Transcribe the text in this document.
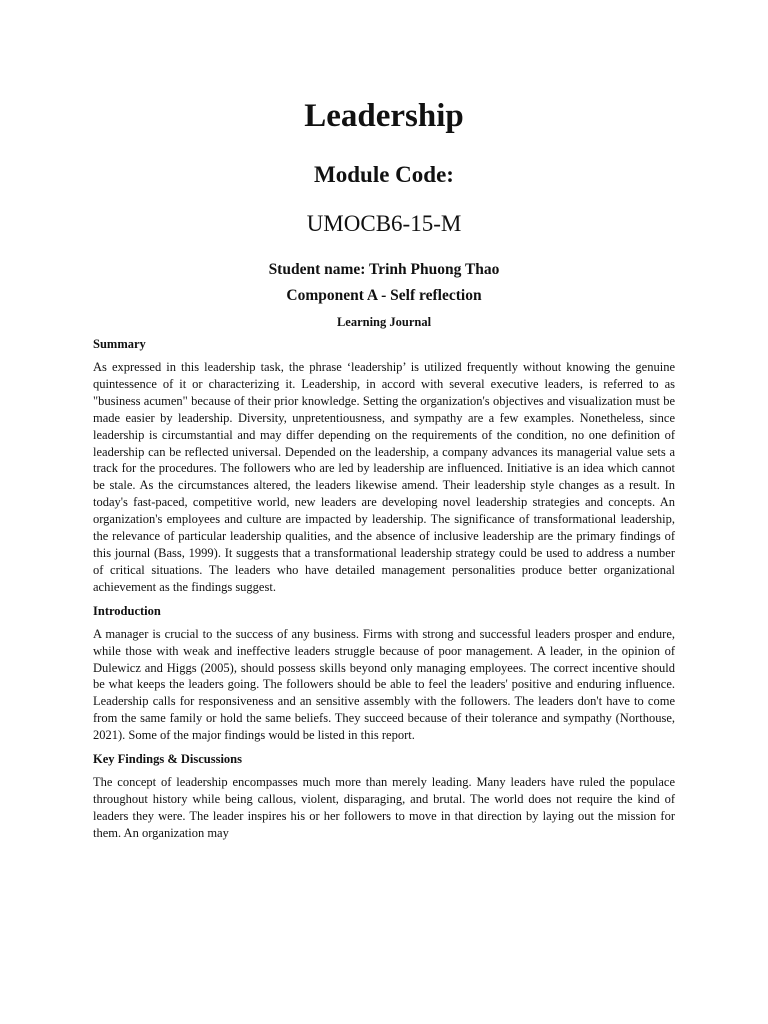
Leadership
Module Code:
UMOCB6-15-M
Student name: Trinh Phuong Thao
Component A - Self reflection
Learning Journal
Summary

As expressed in this leadership task, the phrase ‘leadership’ is utilized frequently without knowing the genuine quintessence of it or characterizing it. Leadership, in accord with several executive leaders, is referred to as "business acumen" because of their prior knowledge. Setting the organization's objectives and visualization must be made easier by leadership. Diversity, unpretentiousness, and sympathy are a few examples. Nonetheless, since leadership is circumstantial and may differ depending on the requirements of the condition, no one definition of leadership can be reflected universal. Depended on the leadership, a company advances its managerial value sets a track for the procedures. The followers who are led by leadership are influenced. Initiative is an idea which cannot be stale. As the circumstances altered, the leaders likewise amend. Their leadership style changes as a result. In today's fast-paced, competitive world, new leaders are developing novel leadership strategies and concepts. An organization's employees and culture are impacted by leadership. The significance of transformational leadership, the relevance of particular leadership qualities, and the absence of inclusive leadership are the primary findings of this journal (Bass, 1999). It suggests that a transformational leadership strategy could be used to address a number of critical situations. The leaders who have detailed management personalities produce better organizational achievement as the findings suggest.

Introduction

A manager is crucial to the success of any business. Firms with strong and successful leaders prosper and endure, while those with weak and ineffective leaders struggle because of poor management. A leader, in the opinion of Dulewicz and Higgs (2005), should possess skills beyond only managing employees. The correct incentive should be what keeps the leaders going. The followers should be able to feel the leaders' positive and enduring influence. Leadership calls for responsiveness and an sensitive assembly with the followers. The leaders don't have to come from the same family or hold the same beliefs. They succeed because of their tolerance and sympathy (Northouse, 2021). Some of the major findings would be listed in this report.

Key Findings & Discussions

The concept of leadership encompasses much more than merely leading. Many leaders have ruled the populace throughout history while being callous, violent, disparaging, and brutal. The world does not require the kind of leaders they were. The leader inspires his or her followers to move in that direction by laying out the mission for them. An organization may
